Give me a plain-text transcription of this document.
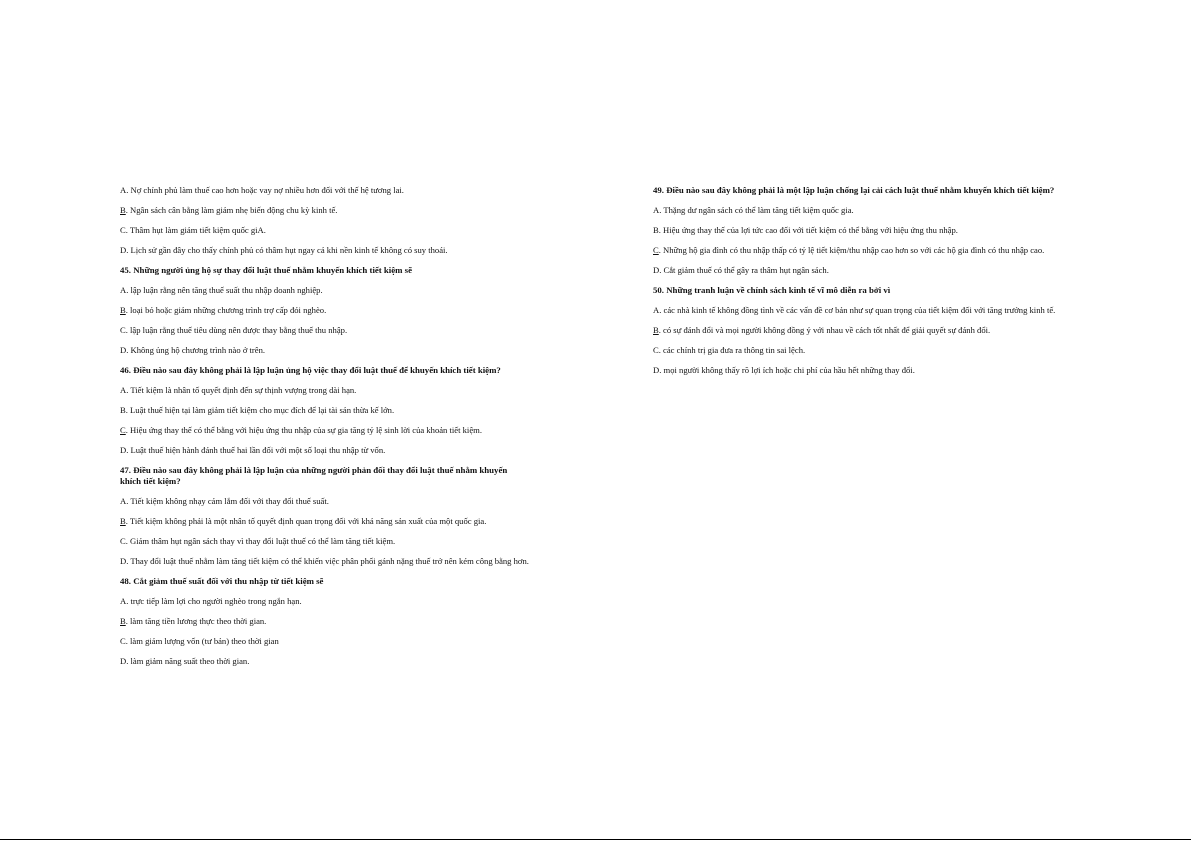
A. Nợ chính phủ làm thuế cao hơn hoặc vay nợ nhiều hơn đối với thế hệ tương lai.

B. Ngân sách cân bằng làm giảm nhẹ biến động chu kỳ kinh tế.

C. Thâm hụt làm giảm tiết kiệm quốc giA.

D. Lịch sử gần đây cho thấy chính phủ có thâm hụt ngay cả khi nền kinh tế không có suy thoái.

45. Những người ủng hộ sự thay đổi luật thuế nhằm khuyến khích tiết kiệm sẽ

A. lập luận rằng nên tăng thuế suất thu nhập doanh nghiệp.

B. loại bỏ hoặc giảm những chương trình trợ cấp đói nghèo.

C. lập luận rằng thuế tiêu dùng nên được thay bằng thuế thu nhập.

D. Không ủng hộ chương trình nào ở trên.

46. Điều nào sau đây không phải là lập luận ủng hộ việc thay đổi luật thuế để khuyến khích tiết kiệm?

A. Tiết kiệm là nhân tố quyết định đến sự thịnh vượng trong dài hạn.

B. Luật thuế hiện tại làm giảm tiết kiệm cho mục đích để lại tài sản thừa kế lớn.

C. Hiệu ứng thay thế có thể bằng với hiệu ứng thu nhập của sự gia tăng tỷ lệ sinh lời của khoản tiết kiệm.

D. Luật thuế hiện hành đánh thuế hai lần đối với một số loại thu nhập từ vốn.

47. Điều nào sau đây không phải là lập luận của những người phản đối thay đổi luật thuế nhằm khuyến khích tiết kiệm?

A. Tiết kiệm không nhạy cảm lắm đối với thay đổi thuế suất.

B. Tiết kiệm không phải là một nhân tố quyết định quan trọng đối với khả năng sản xuất của một quốc gia.

C. Giảm thâm hụt ngân sách thay vì thay đổi luật thuế có thể làm tăng tiết kiệm.

D. Thay đổi luật thuế nhằm làm tăng tiết kiệm có thể khiến việc phân phối gánh nặng thuế trở nên kém công bằng hơn.

48. Cắt giảm thuế suất đối với thu nhập từ tiết kiệm sẽ

A. trực tiếp làm lợi cho người nghèo trong ngắn hạn.

B. làm tăng tiền lương thực theo thời gian.

C. làm giảm lượng vốn (tư bản) theo thời gian

D. làm giảm năng suất theo thời gian.

49. Điều nào sau đây không phải là một lập luận chống lại cải cách luật thuế nhằm khuyến khích tiết kiệm?

A. Thặng dư ngân sách có thể làm tăng tiết kiệm quốc gia.

B. Hiệu ứng thay thế của lợi tức cao đối với tiết kiệm có thể bằng với hiệu ứng thu nhập.

C. Những hộ gia đình có thu nhập thấp có tỷ lệ tiết kiệm/thu nhập cao hơn so với các hộ gia đình có thu nhập cao.

D. Cắt giảm thuế có thể gây ra thâm hụt ngân sách.

50. Những tranh luận về chính sách kinh tế vĩ mô diễn ra bởi vì

A. các nhà kinh tế không đồng tình về các vấn đề cơ bản như sự quan trọng của tiết kiệm đối với tăng trưởng kinh tế.

B. có sự đánh đổi và mọi người không đồng ý với nhau về cách tốt nhất để giải quyết sự đánh đổi.

C. các chính trị gia đưa ra thông tin sai lệch.

D. mọi người không thấy rõ lợi ích hoặc chi phí của hầu hết những thay đổi.
